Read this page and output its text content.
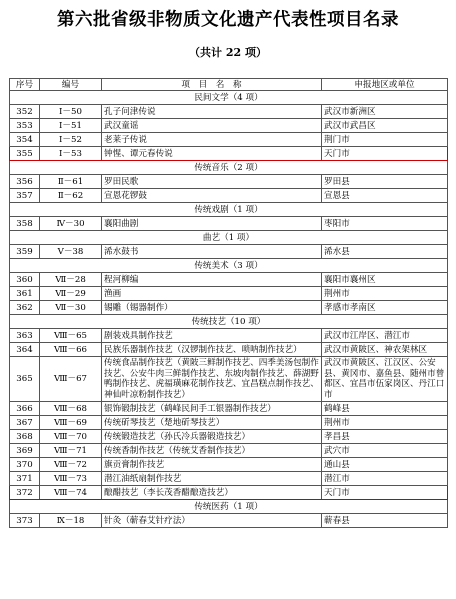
第六批省级非物质文化遗产代表性项目名录
（共计 22 项）
序号	编号	项　目　名　称	申报地区或单位
民间文学（4 项）			
352	Ⅰ－50	孔子问津传说	武汉市新洲区
353	Ⅰ－51	武汉童谣	武汉市武昌区
354	Ⅰ－52	老莱子传说	荆门市
355	Ⅰ－53	钟惺、谭元春传说	天门市
传统音乐（2 项）			
356	Ⅱ－61	罗田民歌	罗田县
357	Ⅱ－62	宣恩花锣鼓	宣恩县
传统戏剧（1 项）			
358	Ⅳ－30	襄阳曲剧	枣阳市
曲艺（1 项）			
359	Ⅴ－38	浠水鼓书	浠水县
传统美术（3 项）			
360	Ⅶ－28	程河柳编	襄阳市襄州区
361	Ⅶ－29	渔画	荆州市
362	Ⅶ－30	锡雕（锡器制作）	孝感市孝南区
传统技艺（10 项）			
363	Ⅷ－65	剧装戏具制作技艺	武汉市江岸区、潜江市
364	Ⅷ－66	民族乐器制作技艺（汉锣制作技艺、唢呐制作技艺）	武汉市黄陂区、神农架林区
365	Ⅷ－67	传统食品制作技艺（黄陂三鲜制作技艺、四季美汤包制作技艺、公安牛肉三鲜制作技艺、东坡肉制作技艺、薛湖野鸭制作技艺、虎福璜麻花制作技艺、宜昌糕点制作技艺、神仙叶凉粉制作技艺）	武汉市黄陂区、江汉区、公安县、黄冈市、嘉鱼县、随州市曾都区、宜昌市伍家岗区、丹江口市
366	Ⅷ－68	银饰锻制技艺（鹤峰民间手工银器制作技艺）	鹤峰县
367	Ⅷ－69	传统斫琴技艺（楚地斫琴技艺）	荆州市
368	Ⅷ－70	传统锻造技艺（孙氏冷兵器锻造技艺）	孝昌县
369	Ⅷ－71	传统香制作技艺（传统艾香制作技艺）	武穴市
370	Ⅷ－72	旗贡膏制作技艺	通山县
371	Ⅷ－73	潜江油纸扇制作技艺	潜江市
372	Ⅷ－74	酿醋技艺（李长茂香醋酿造技艺）	天门市
传统医药（1 项）			
373	Ⅸ－18	针灸（蕲春艾针疗法）	蕲春县
